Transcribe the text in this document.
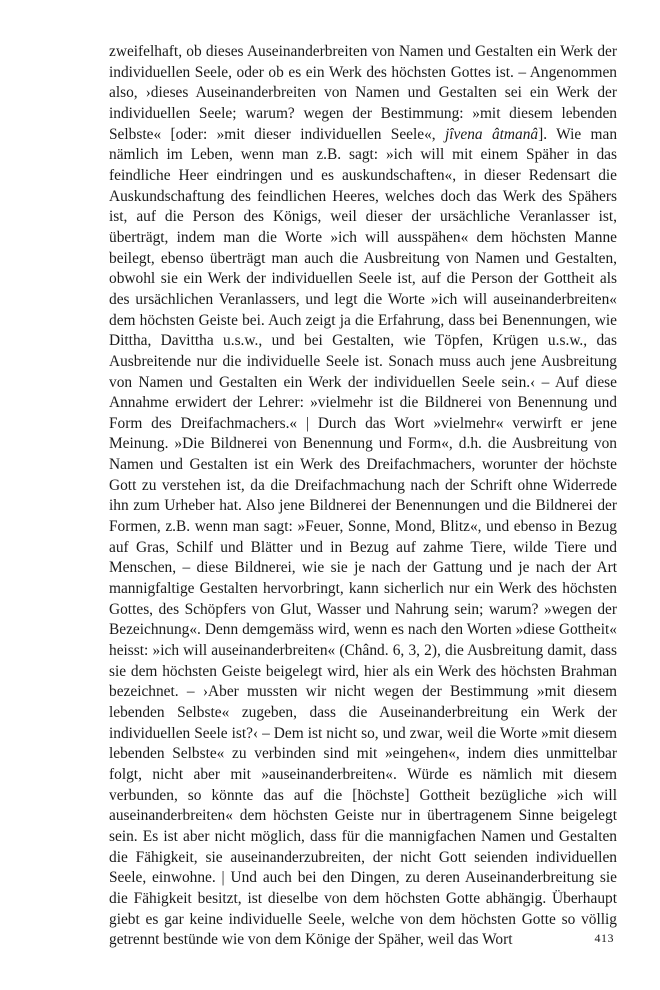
zweifelhaft, ob dieses Auseinanderbreiten von Namen und Gestalten ein Werk der individuellen Seele, oder ob es ein Werk des höchsten Gottes ist. – Angenommen also, ›dieses Auseinanderbreiten von Namen und Gestalten sei ein Werk der individuellen Seele; warum? wegen der Bestimmung: »mit diesem lebenden Selbste« [oder: »mit dieser individuellen Seele«, jîvena âtmanâ]. Wie man nämlich im Leben, wenn man z.B. sagt: »ich will mit einem Späher in das feindliche Heer eindringen und es auskundschaften«, in dieser Redensart die Auskundschaftung des feindlichen Heeres, welches doch das Werk des Spähers ist, auf die Person des Königs, weil dieser der ursächliche Veranlasser ist, überträgt, indem man die Worte »ich will ausspähen« dem höchsten Manne beilegt, ebenso überträgt man auch die Ausbreitung von Namen und Gestalten, obwohl sie ein Werk der individuellen Seele ist, auf die Person der Gottheit als des ursächlichen Veranlassers, und legt die Worte »ich will auseinanderbreiten« dem höchsten Geiste bei. Auch zeigt ja die Erfahrung, dass bei Benennungen, wie Dittha, Davittha u.s.w., und bei Gestalten, wie Töpfen, Krügen u.s.w., das Ausbreitende nur die individuelle Seele ist. Sonach muss auch jene Ausbreitung von Namen und Gestalten ein Werk der individuellen Seele sein.‹ – Auf diese Annahme erwidert der Lehrer: »vielmehr ist die Bildnerei von Benennung und Form des Dreifachmachers.« | Durch das Wort »vielmehr« verwirft er jene Meinung. »Die Bildnerei von Benennung und Form«, d.h. die Ausbreitung von Namen und Gestalten ist ein Werk des Dreifachmachers, worunter der höchste Gott zu verstehen ist, da die Dreifachmachung nach der Schrift ohne Widerrede ihn zum Urheber hat. Also jene Bildnerei der Benennungen und die Bildnerei der Formen, z.B. wenn man sagt: »Feuer, Sonne, Mond, Blitz«, und ebenso in Bezug auf Gras, Schilf und Blätter und in Bezug auf zahme Tiere, wilde Tiere und Menschen, – diese Bildnerei, wie sie je nach der Gattung und je nach der Art mannigfaltige Gestalten hervorbringt, kann sicherlich nur ein Werk des höchsten Gottes, des Schöpfers von Glut, Wasser und Nahrung sein; warum? »wegen der Bezeichnung«. Denn demgemäss wird, wenn es nach den Worten »diese Gottheit« heisst: »ich will auseinanderbreiten« (Chând. 6, 3, 2), die Ausbreitung damit, dass sie dem höchsten Geiste beigelegt wird, hier als ein Werk des höchsten Brahman bezeichnet. – ›Aber mussten wir nicht wegen der Bestimmung »mit diesem lebenden Selbste« zugeben, dass die Auseinanderbreitung ein Werk der individuellen Seele ist?‹ – Dem ist nicht so, und zwar, weil die Worte »mit diesem lebenden Selbste« zu verbinden sind mit »eingehen«, indem dies unmittelbar folgt, nicht aber mit »auseinanderbreiten«. Würde es nämlich mit diesem verbunden, so könnte das auf die [höchste] Gottheit bezügliche »ich will auseinanderbreiten« dem höchsten Geiste nur in übertragenem Sinne beigelegt sein. Es ist aber nicht möglich, dass für die mannigfachen Namen und Gestalten die Fähigkeit, sie auseinanderzubreiten, der nicht Gott seienden individuellen Seele, einwohne. | Und auch bei den Dingen, zu deren Auseinanderbreitung sie die Fähigkeit besitzt, ist dieselbe von dem höchsten Gotte abhängig. Überhaupt giebt es gar keine individuelle Seele, welche von dem höchsten Gotte so völlig getrennt bestünde wie von dem Könige der Späher, weil das Wort	413
